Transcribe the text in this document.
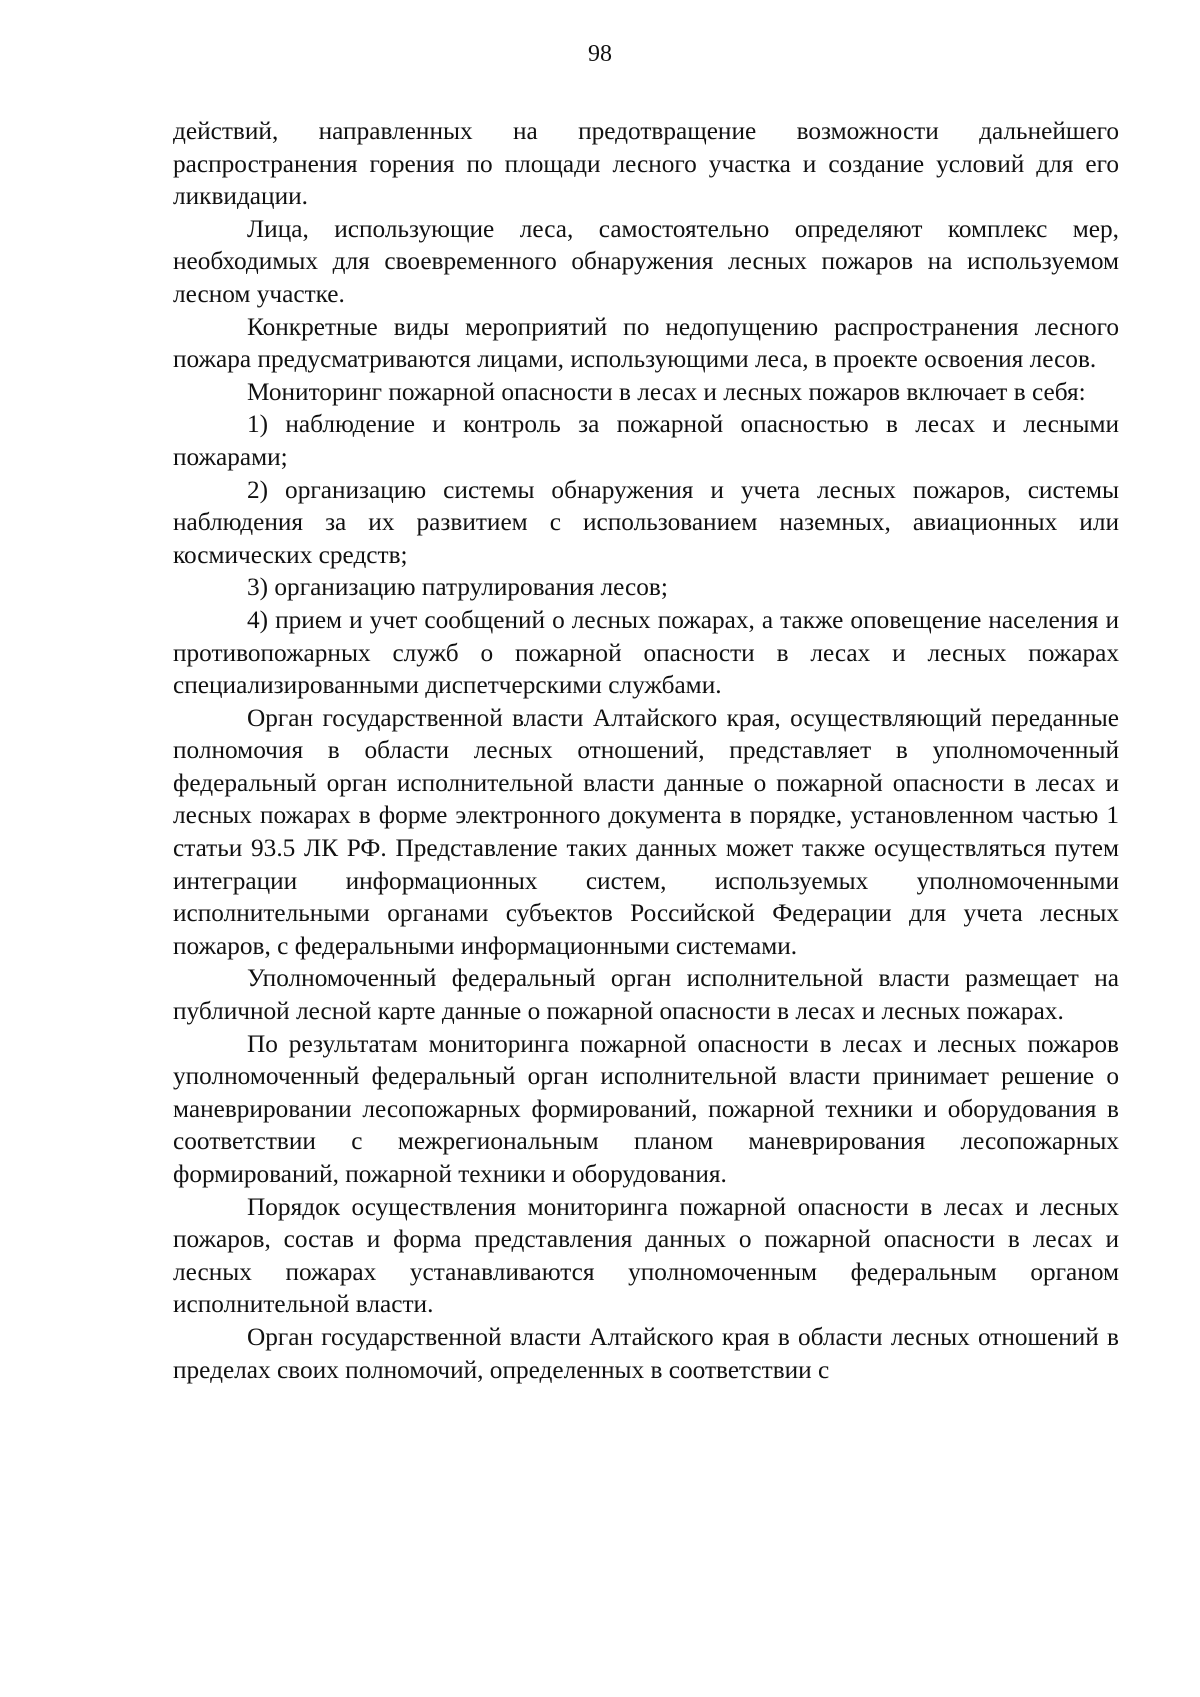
98

действий, направленных на предотвращение возможности дальнейшего распространения горения по площади лесного участка и создание условий для его ликвидации.

Лица, использующие леса, самостоятельно определяют комплекс мер, необходимых для своевременного обнаружения лесных пожаров на используемом лесном участке.

Конкретные виды мероприятий по недопущению распространения лесного пожара предусматриваются лицами, использующими леса, в проекте освоения лесов.

Мониторинг пожарной опасности в лесах и лесных пожаров включает в себя:

1) наблюдение и контроль за пожарной опасностью в лесах и лесными пожарами;

2) организацию системы обнаружения и учета лесных пожаров, системы наблюдения за их развитием с использованием наземных, авиационных или космических средств;

3) организацию патрулирования лесов;

4) прием и учет сообщений о лесных пожарах, а также оповещение населения и противопожарных служб о пожарной опасности в лесах и лесных пожарах специализированными диспетчерскими службами.

Орган государственной власти Алтайского края, осуществляющий переданные полномочия в области лесных отношений, представляет в уполномоченный федеральный орган исполнительной власти данные о пожарной опасности в лесах и лесных пожарах в форме электронного документа в порядке, установленном частью 1 статьи 93.5 ЛК РФ. Представление таких данных может также осуществляться путем интеграции информационных систем, используемых уполномоченными исполнительными органами субъектов Российской Федерации для учета лесных пожаров, с федеральными информационными системами.

Уполномоченный федеральный орган исполнительной власти размещает на публичной лесной карте данные о пожарной опасности в лесах и лесных пожарах.

По результатам мониторинга пожарной опасности в лесах и лесных пожаров уполномоченный федеральный орган исполнительной власти принимает решение о маневрировании лесопожарных формирований, пожарной техники и оборудования в соответствии с межрегиональным планом маневрирования лесопожарных формирований, пожарной техники и оборудования.

Порядок осуществления мониторинга пожарной опасности в лесах и лесных пожаров, состав и форма представления данных о пожарной опасности в лесах и лесных пожарах устанавливаются уполномоченным федеральным органом исполнительной власти.

Орган государственной власти Алтайского края в области лесных отношений в пределах своих полномочий, определенных в соответствии с
